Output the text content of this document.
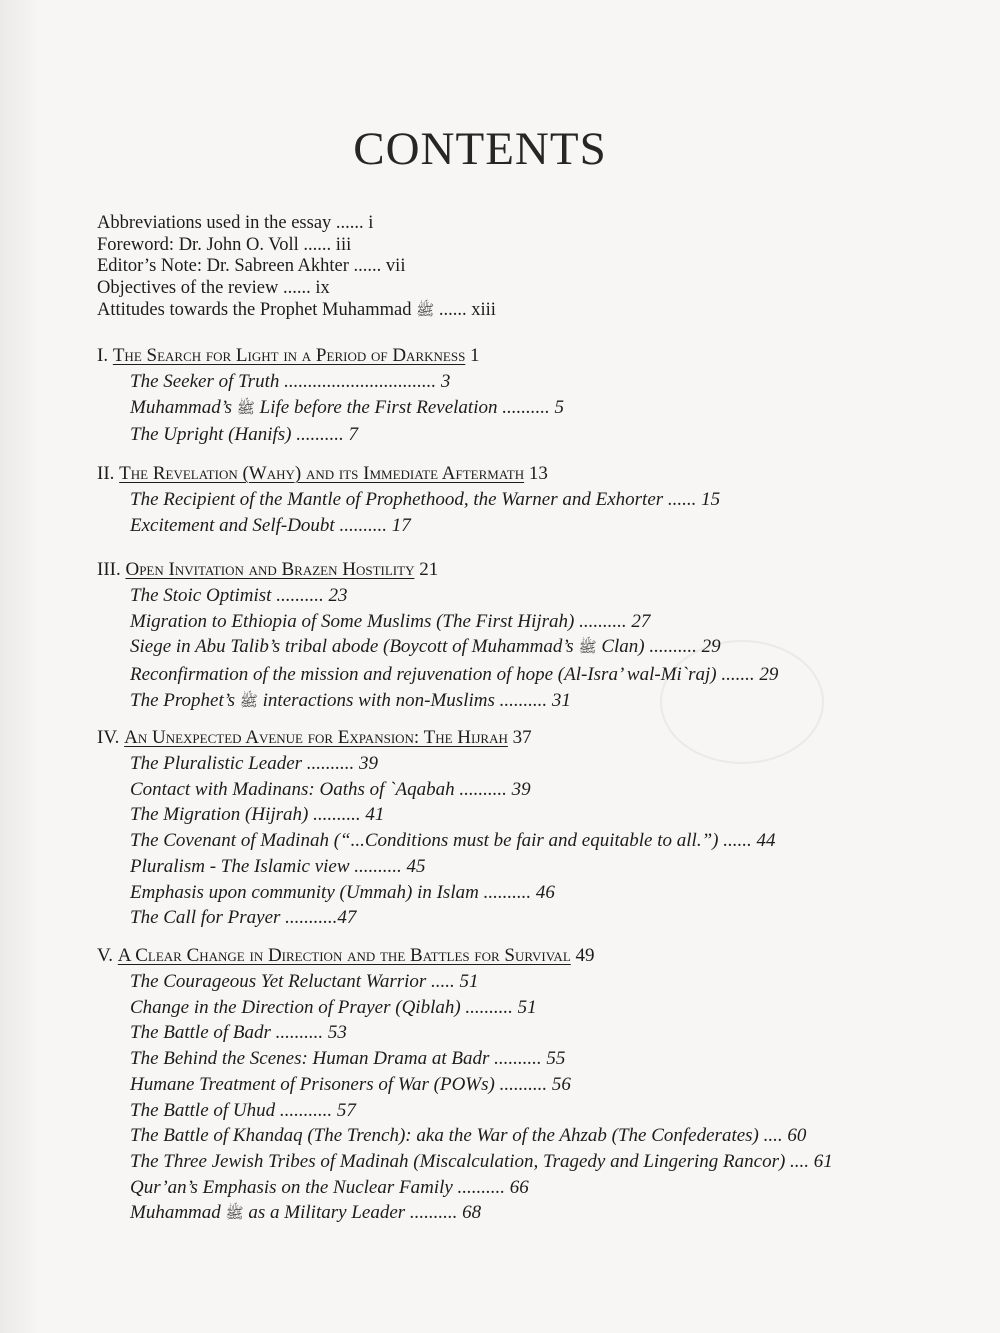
CONTENTS
Abbreviations used in the essay ...... i
Foreword: Dr. John O. Voll ...... iii
Editor’s Note: Dr. Sabreen Akhter ...... vii
Objectives of the review ...... ix
Attitudes towards the Prophet Muhammad ﷺ ...... xiii
I. The Search for Light in a Period of Darkness 1
The Seeker of Truth ................................ 3
Muhammad’s ﷺ Life before the First Revelation .......... 5
The Upright (Hanifs) .......... 7
II. The Revelation (Wahy) and its Immediate Aftermath 13
The Recipient of the Mantle of Prophethood, the Warner and Exhorter ...... 15
Excitement and Self-Doubt .......... 17
III. Open Invitation and Brazen Hostility 21
The Stoic Optimist .......... 23
Migration to Ethiopia of Some Muslims (The First Hijrah) .......... 27
Siege in Abu Talib’s tribal abode (Boycott of Muhammad’s ﷺ Clan) .......... 29
Reconfirmation of the mission and rejuvenation of hope (Al-Isra’ wal-Mi`raj) ....... 29
The Prophet’s ﷺ interactions with non-Muslims .......... 31
IV. An Unexpected Avenue for Expansion: The Hijrah 37
The Pluralistic Leader .......... 39
Contact with Madinans: Oaths of `Aqabah .......... 39
The Migration (Hijrah) .......... 41
The Covenant of Madinah (“...Conditions must be fair and equitable to all.”) ...... 44
Pluralism - The Islamic view .......... 45
Emphasis upon community (Ummah) in Islam .......... 46
The Call for Prayer ...........47
V. A Clear Change in Direction and the Battles for Survival 49
The Courageous Yet Reluctant Warrior ..... 51
Change in the Direction of Prayer (Qiblah) .......... 51
The Battle of Badr .......... 53
The Behind the Scenes: Human Drama at Badr .......... 55
Humane Treatment of Prisoners of War (POWs) .......... 56
The Battle of Uhud ........... 57
The Battle of Khandaq (The Trench): aka the War of the Ahzab (The Confederates) .... 60
The Three Jewish Tribes of Madinah (Miscalculation, Tragedy and Lingering Rancor) .... 61
Qur’an’s Emphasis on the Nuclear Family .......... 66
Muhammad ﷺ as a Military Leader .......... 68
